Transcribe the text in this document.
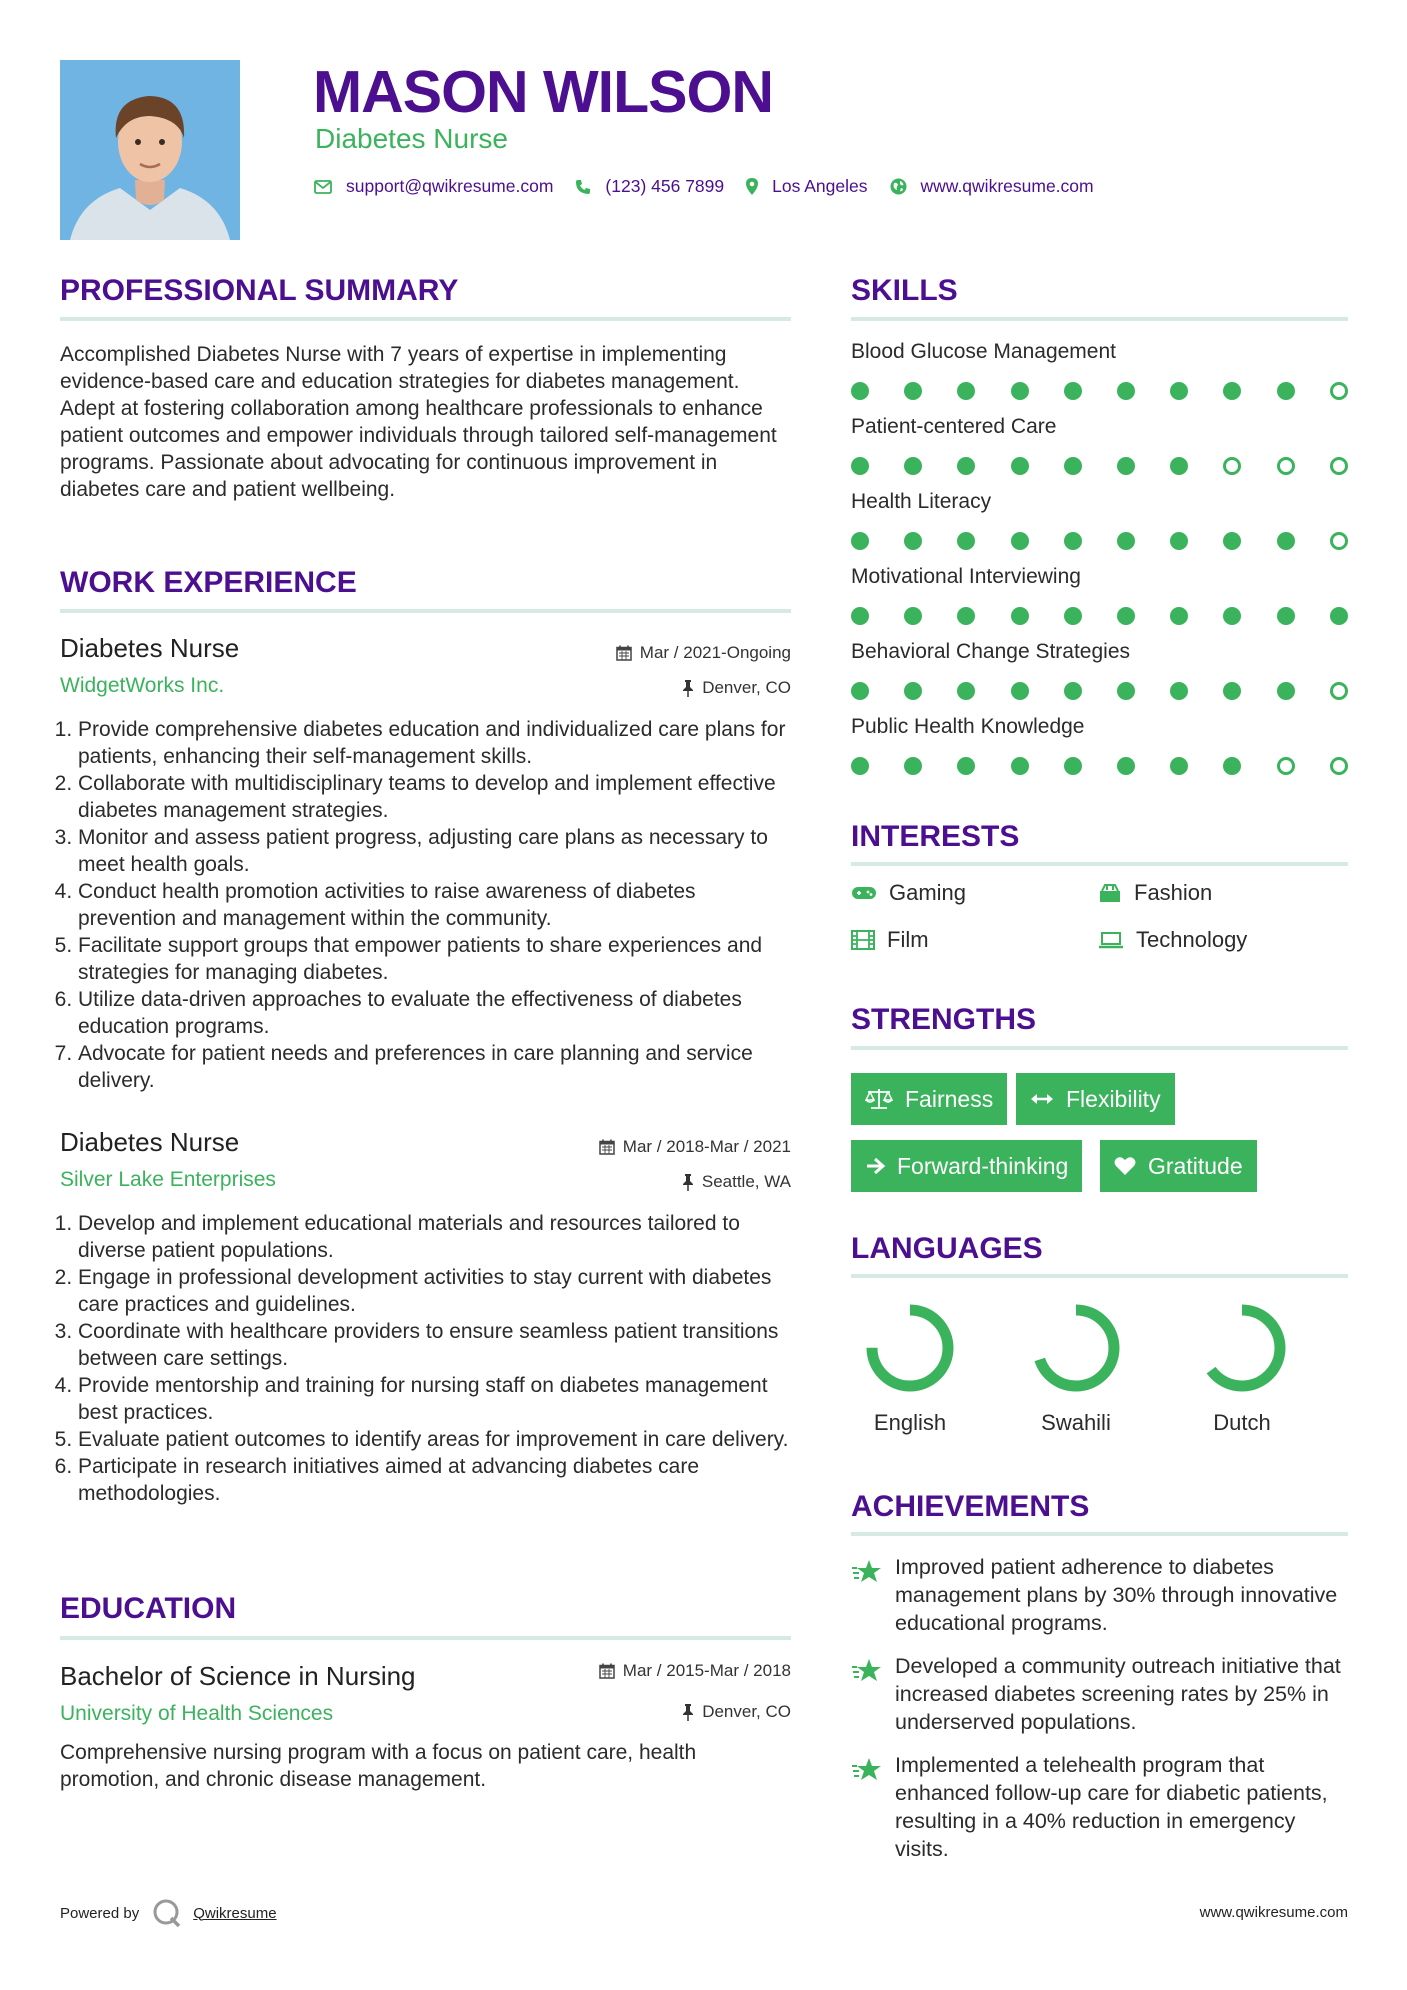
MASON WILSON
Diabetes Nurse
support@qwikresume.com	(123) 456 7899	Los Angeles	www.qwikresume.com
PROFESSIONAL SUMMARY
Accomplished Diabetes Nurse with 7 years of expertise in implementing evidence-based care and education strategies for diabetes management. Adept at fostering collaboration among healthcare professionals to enhance patient outcomes and empower individuals through tailored self-management programs. Passionate about advocating for continuous improvement in diabetes care and patient wellbeing.
WORK EXPERIENCE
Diabetes Nurse	Mar / 2021-Ongoing
WidgetWorks Inc.	Denver, CO
1. Provide comprehensive diabetes education and individualized care plans for patients, enhancing their self-management skills.
2. Collaborate with multidisciplinary teams to develop and implement effective diabetes management strategies.
3. Monitor and assess patient progress, adjusting care plans as necessary to meet health goals.
4. Conduct health promotion activities to raise awareness of diabetes prevention and management within the community.
5. Facilitate support groups that empower patients to share experiences and strategies for managing diabetes.
6. Utilize data-driven approaches to evaluate the effectiveness of diabetes education programs.
7. Advocate for patient needs and preferences in care planning and service delivery.
Diabetes Nurse	Mar / 2018-Mar / 2021
Silver Lake Enterprises	Seattle, WA
1. Develop and implement educational materials and resources tailored to diverse patient populations.
2. Engage in professional development activities to stay current with diabetes care practices and guidelines.
3. Coordinate with healthcare providers to ensure seamless patient transitions between care settings.
4. Provide mentorship and training for nursing staff on diabetes management best practices.
5. Evaluate patient outcomes to identify areas for improvement in care delivery.
6. Participate in research initiatives aimed at advancing diabetes care methodologies.
EDUCATION
Bachelor of Science in Nursing	Mar / 2015-Mar / 2018
University of Health Sciences	Denver, CO
Comprehensive nursing program with a focus on patient care, health promotion, and chronic disease management.
SKILLS
Blood Glucose Management
Patient-centered Care
Health Literacy
Motivational Interviewing
Behavioral Change Strategies
Public Health Knowledge
INTERESTS
Gaming	Fashion
Film	Technology
STRENGTHS
Fairness	Flexibility
Forward-thinking	Gratitude
LANGUAGES
English	Swahili	Dutch
ACHIEVEMENTS
Improved patient adherence to diabetes management plans by 30% through innovative educational programs.
Developed a community outreach initiative that increased diabetes screening rates by 25% in underserved populations.
Implemented a telehealth program that enhanced follow-up care for diabetic patients, resulting in a 40% reduction in emergency visits.
Powered by	Qwikresume	www.qwikresume.com
